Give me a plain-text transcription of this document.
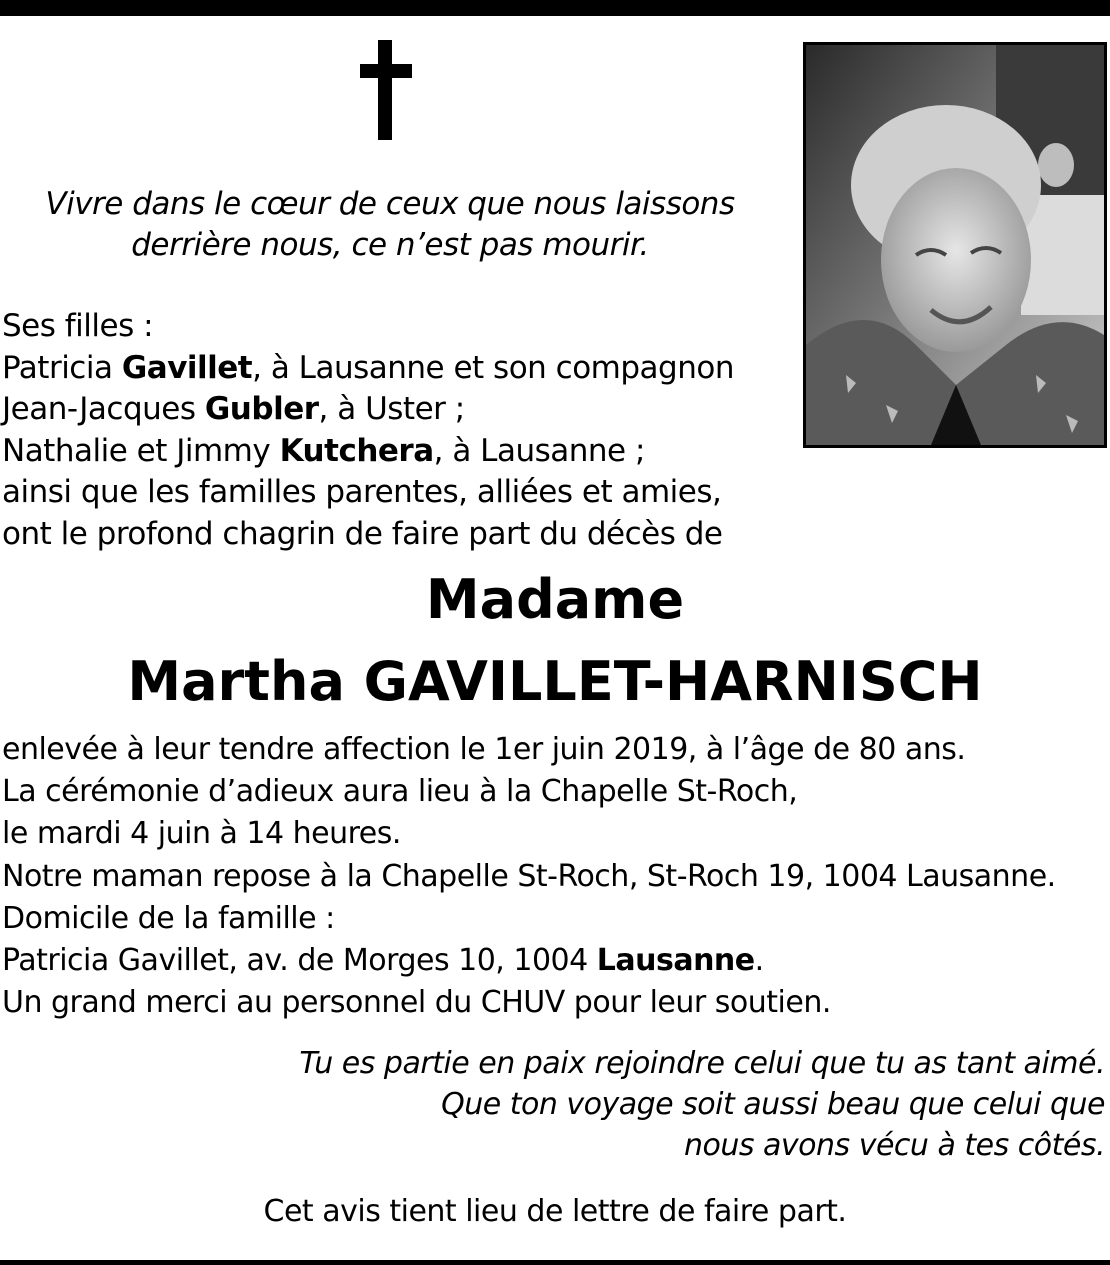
Vivre dans le cœur de ceux que nous laissons
derrière nous, ce n’est pas mourir.
Ses filles :
Patricia Gavillet, à Lausanne et son compagnon
Jean-Jacques Gubler, à Uster ;
Nathalie et Jimmy Kutchera, à Lausanne ;
ainsi que les familles parentes, alliées et amies,
ont le profond chagrin de faire part du décès de
Madame
Martha GAVILLET-HARNISCH
enlevée à leur tendre affection le 1er juin 2019, à l’âge de 80 ans.
La cérémonie d’adieux aura lieu à la Chapelle St-Roch,
le mardi 4 juin à 14 heures.
Notre maman repose à la Chapelle St-Roch, St-Roch 19, 1004 Lausanne.
Domicile de la famille :
Patricia Gavillet, av. de Morges 10, 1004 Lausanne.
Un grand merci au personnel du CHUV pour leur soutien.
Tu es partie en paix rejoindre celui que tu as tant aimé.
Que ton voyage soit aussi beau que celui que
nous avons vécu à tes côtés.
Cet avis tient lieu de lettre de faire part.
